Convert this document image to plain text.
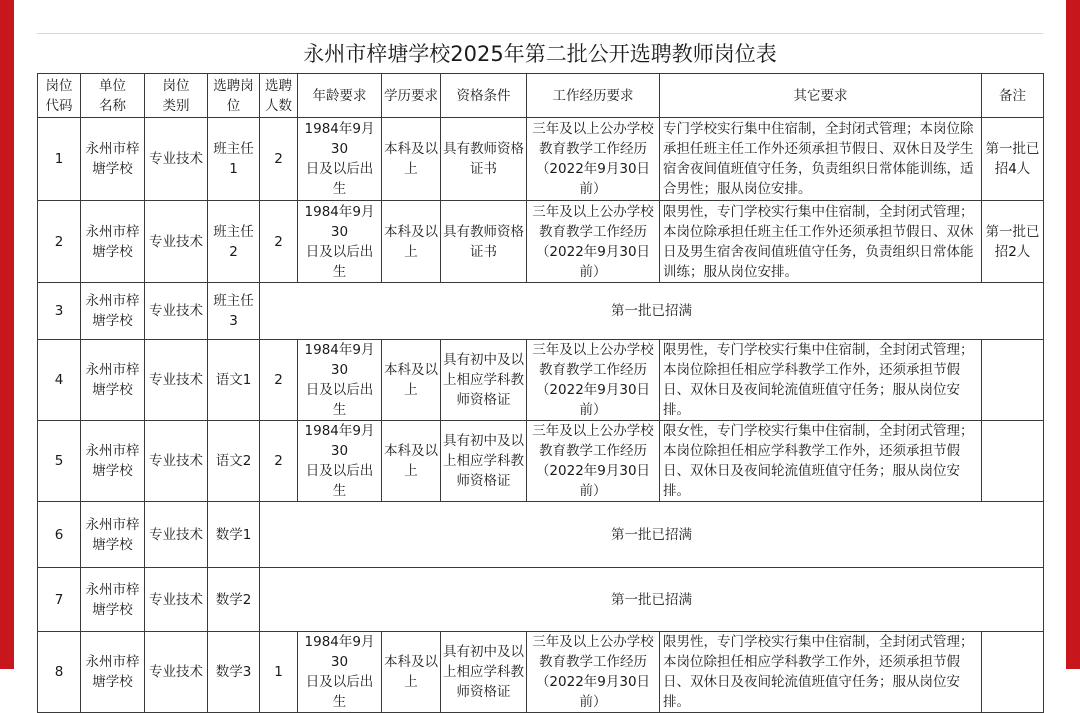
永州市梓塘学校2025年第二批公开选聘教师岗位表
岗位
代码	单位
名称	岗位
类别	选聘岗
位	选聘
人数	年龄要求	学历要求	资格条件	工作经历要求	其它要求	备注

1	永州市梓
塘学校	专业技术	班主任1	2	1984年9月30
日及以后出生	本科及以
上	具有教师资格
证书	三年及以上公办学校
教育教学工作经历
（2022年9月30日
前）	专门学校实行集中住宿制，全封闭式管理；本岗位除承担任班主任工作外还须承担节假日、双休日及学生宿舍夜间值班值守任务，负责组织日常体能训练，适合男性；服从岗位安排。	第一批已
招4人

2	永州市梓
塘学校	专业技术	班主任2	2	1984年9月30
日及以后出生	本科及以
上	具有教师资格
证书	三年及以上公办学校
教育教学工作经历
（2022年9月30日
前）	限男性，专门学校实行集中住宿制，全封闭式管理；本岗位除承担任班主任工作外还须承担节假日、双休日及男生宿舍夜间值班值守任务，负责组织日常体能训练；服从岗位安排。	第一批已
招2人

3	永州市梓
塘学校	专业技术	班主任3	第一批已招满						

4	永州市梓
塘学校	专业技术	语文1	2	1984年9月30
日及以后出生	本科及以
上	具有初中及以
上相应学科教
师资格证	三年及以上公办学校
教育教学工作经历
（2022年9月30日
前）	限男性，专门学校实行集中住宿制，全封闭式管理；本岗位除担任相应学科教学工作外，还须承担节假日、双休日及夜间轮流值班值守任务；服从岗位安排。	

5	永州市梓
塘学校	专业技术	语文2	2	1984年9月30
日及以后出生	本科及以
上	具有初中及以
上相应学科教
师资格证	三年及以上公办学校
教育教学工作经历
（2022年9月30日
前）	限女性，专门学校实行集中住宿制，全封闭式管理；本岗位除担任相应学科教学工作外，还须承担节假日、双休日及夜间轮流值班值守任务；服从岗位安排。	

6	永州市梓
塘学校	专业技术	数学1	第一批已招满						

7	永州市梓
塘学校	专业技术	数学2	第一批已招满						

8	永州市梓
塘学校	专业技术	数学3	1	1984年9月30
日及以后出生	本科及以
上	具有初中及以
上相应学科教
师资格证	三年及以上公办学校
教育教学工作经历
（2022年9月30日
前）	限男性，专门学校实行集中住宿制，全封闭式管理；本岗位除担任相应学科教学工作外，还须承担节假日、双休日及夜间轮流值班值守任务；服从岗位安排。	
